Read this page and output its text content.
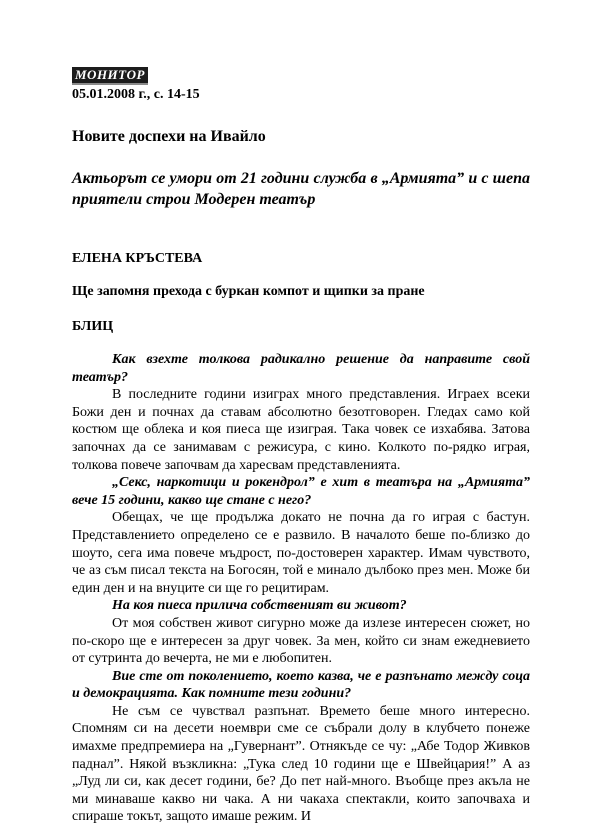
МОНИТОР
05.01.2008 г., с. 14-15
Новите доспехи на Ивайло
Актьорът се умори от 21 години служба в „Армията” и с шепа приятели строи Модерен театър
ЕЛЕНА КРЪСТЕВА
Ще запомня прехода с буркан компот и щипки за пране
БЛИЦ

Как взехте толкова радикално решение да направите свой театър?

В последните години изиграх много представления. Играех всеки Божи ден и почнах да ставам абсолютно безотговорен. Гледах само кой костюм ще облека и коя пиеса ще изиграя. Така човек се изхабява. Затова започнах да се занимавам с режисура, с кино. Колкото по-рядко играя, толкова повече започвам да харесвам представленията.

„Секс, наркотици и рокендрол” е хит в театъра на „Армията” вече 15 години, какво ще стане с него?

Обещах, че ще продължа докато не почна да го играя с бастун. Представлението определено се е развило. В началото беше по-близко до шоуто, сега има повече мъдрост, по-достоверен характер. Имам чувството, че аз съм писал текста на Богосян, той е минало дълбоко през мен. Може би един ден и на внуците си ще го рецитирам.

На коя пиеса прилича собственият ви живот?

От моя собствен живот сигурно може да излезе интересен сюжет, но по-скоро ще е интересен за друг човек. За мен, който си знам ежедневието от сутринта до вечерта, не ми е любопитен.

Вие сте от поколението, което казва, че е разпънато между соца и демокрацията. Как помните тези години?

Не съм се чувствал разпънат. Времето беше много интересно. Спомням си на десети ноември сме се събрали долу в клубчето понеже имахме предпремиера на „Гувернант”. Отнякъде се чу: „Абе Тодор Живков паднал”. Някой възкликна: „Тука след 10 години ще е Швейцария!” А аз „Луд ли си, как десет години, бе? До пет най-много. Въобще през акъла не ми минаваше какво ни чака. А ни чакаха спектакли, които започваха и спираше токът, защото имаше режим. И
